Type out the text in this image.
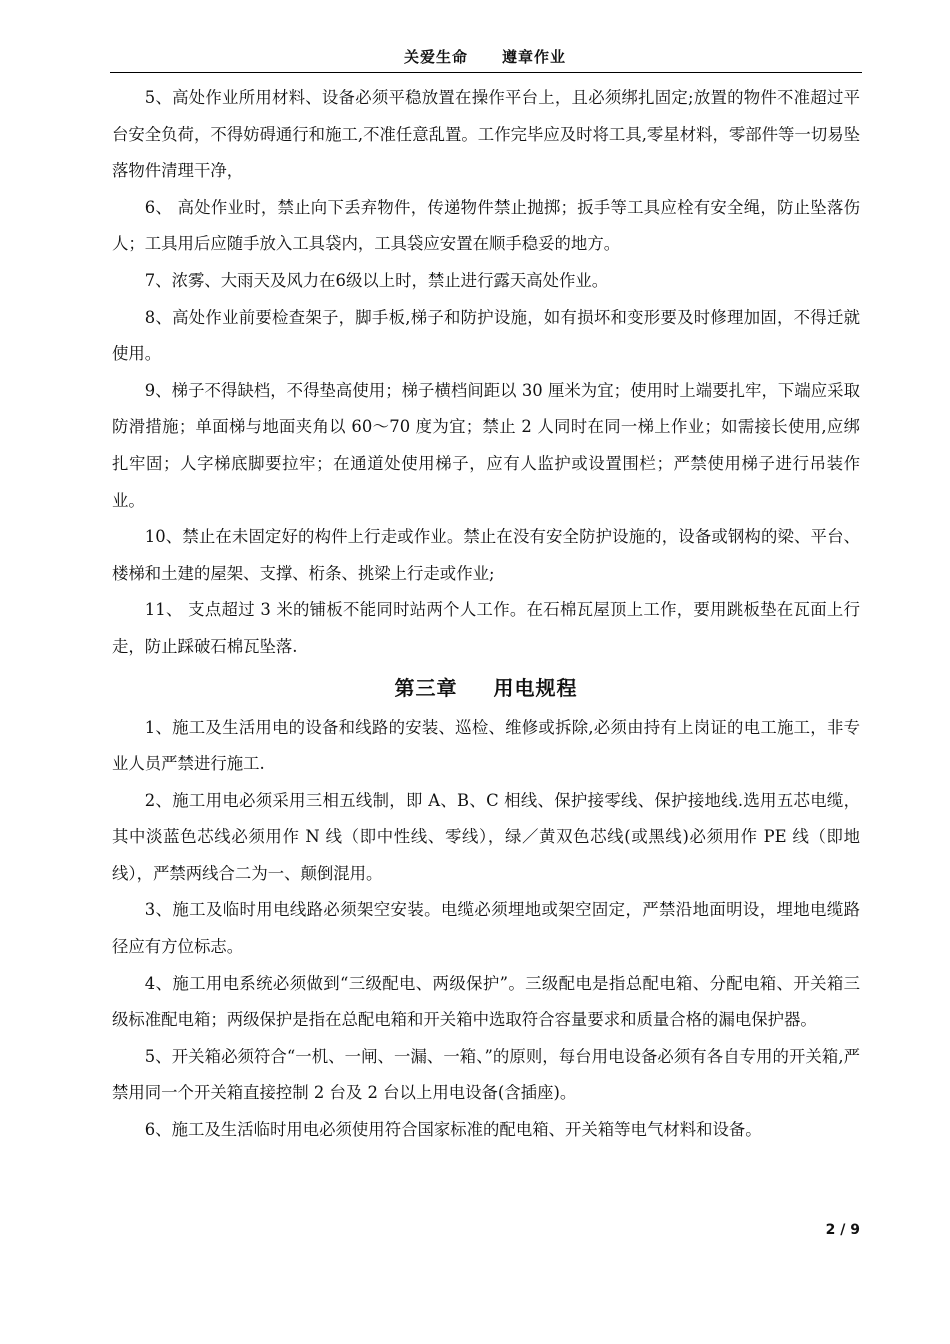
关爱生命 遵章作业

5、高处作业所用材料、设备必须平稳放置在操作平台上，且必须绑扎固定;放置的物件不准超过平台安全负荷，不得妨碍通行和施工,不准任意乱置。工作完毕应及时将工具,零星材料，零部件等一切易坠落物件清理干净，

6、 高处作业时，禁止向下丢弃物件，传递物件禁止抛掷；扳手等工具应栓有安全绳，防止坠落伤人；工具用后应随手放入工具袋内，工具袋应安置在顺手稳妥的地方。

7、浓雾、大雨天及风力在6级以上时，禁止进行露天高处作业。

8、高处作业前要检查架子，脚手板,梯子和防护设施，如有损坏和变形要及时修理加固，不得迁就使用。

9、梯子不得缺档，不得垫高使用；梯子横档间距以 30 厘米为宜；使用时上端要扎牢，下端应采取防滑措施；单面梯与地面夹角以 60～70 度为宜；禁止 2 人同时在同一梯上作业；如需接长使用,应绑扎牢固；人字梯底脚要拉牢；在通道处使用梯子，应有人监护或设置围栏；严禁使用梯子进行吊装作业。

10、禁止在未固定好的构件上行走或作业。禁止在没有安全防护设施的，设备或钢构的梁、平台、楼梯和土建的屋架、支撑、桁条、挑梁上行走或作业;

11、 支点超过 3 米的铺板不能同时站两个人工作。在石棉瓦屋顶上工作，要用跳板垫在瓦面上行走，防止踩破石棉瓦坠落.

第三章 用电规程

1、施工及生活用电的设备和线路的安装、巡检、维修或拆除,必须由持有上岗证的电工施工，非专业人员严禁进行施工.

2、施工用电必须采用三相五线制，即 A、B、C 相线、保护接零线、保护接地线.选用五芯电缆，其中淡蓝色芯线必须用作 N 线（即中性线、零线），绿／黄双色芯线(或黑线)必须用作 PE 线（即地线），严禁两线合二为一、颠倒混用。

3、施工及临时用电线路必须架空安装。电缆必须埋地或架空固定，严禁沿地面明设，埋地电缆路径应有方位标志。

4、施工用电系统必须做到“三级配电、两级保护”。三级配电是指总配电箱、分配电箱、开关箱三级标准配电箱；两级保护是指在总配电箱和开关箱中选取符合容量要求和质量合格的漏电保护器。

5、开关箱必须符合“一机、一闸、一漏、一箱、”的原则，每台用电设备必须有各自专用的开关箱,严禁用同一个开关箱直接控制 2 台及 2 台以上用电设备(含插座)。

6、施工及生活临时用电必须使用符合国家标准的配电箱、开关箱等电气材料和设备。

2 / 9
